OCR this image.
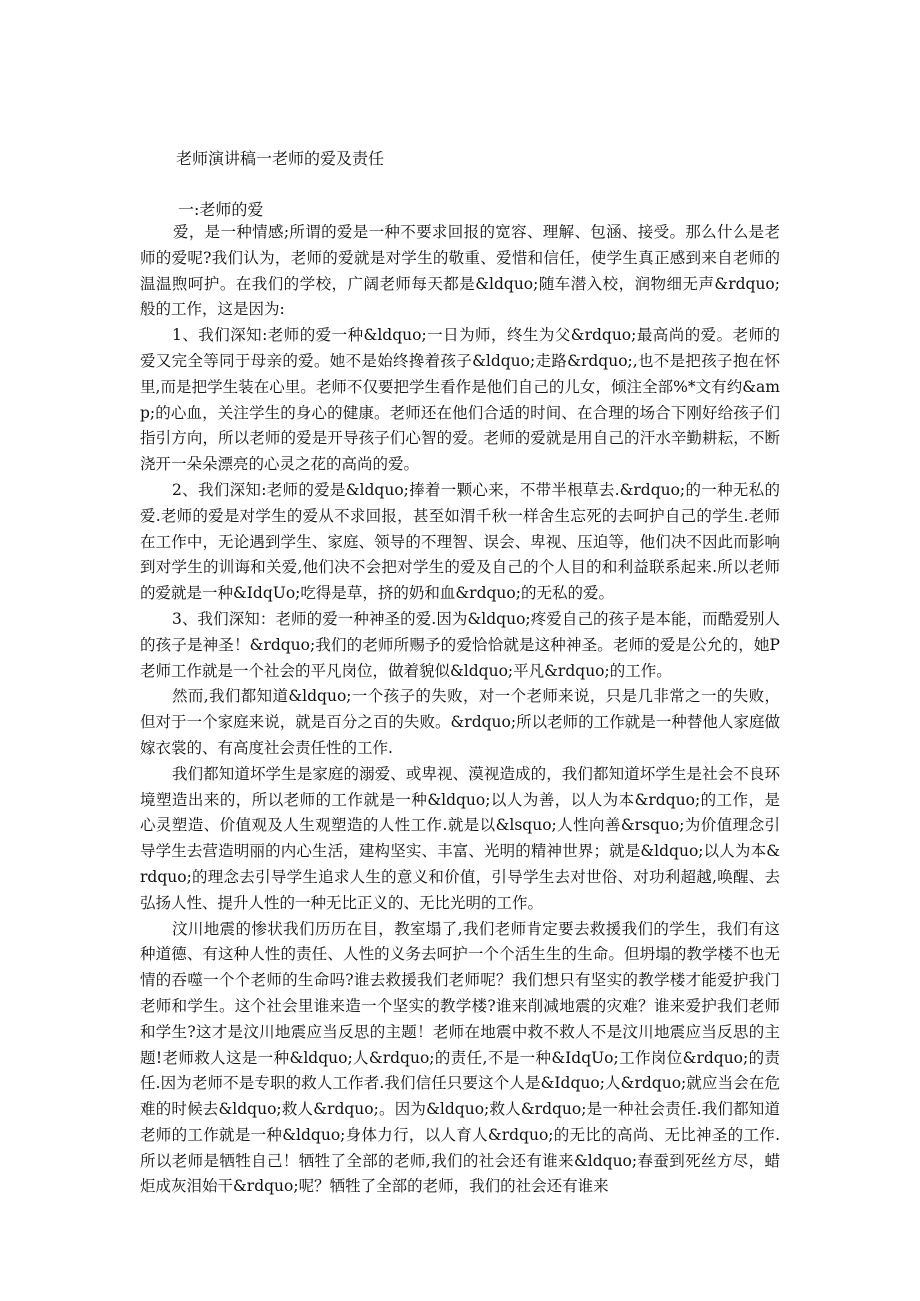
老师演讲稿一老师的爱及责任
一:老师的爱

爱，是一种情感;所谓的爱是一种不要求回报的宽容、理解、包涵、接受。那么什么是老师的爱呢?我们认为，老师的爱就是对学生的敬重、爱惜和信任，使学生真正感到来自老师的温温煦呵护。在我们的学校，广阔老师每天都是&ldquo;随车潜入校，润物细无声&rdquo;般的工作，这是因为:

1、我们深知:老师的爱一种&ldquo;一日为师，终生为父&rdquo;最高尚的爱。老师的爱又完全等同于母亲的爱。她不是始终搀着孩子&ldquo;走路&rdquo;,也不是把孩子抱在怀里,而是把学生装在心里。老师不仅要把学生看作是他们自己的儿女，倾注全部%*文有约&amp;的心血，关注学生的身心的健康。老师还在他们合适的时间、在合理的场合下刚好给孩子们指引方向，所以老师的爱是开导孩子们心智的爱。老师的爱就是用自己的汗水辛勤耕耘，不断浇开一朵朵漂亮的心灵之花的高尚的爱。

2、我们深知:老师的爱是&ldquo;捧着一颗心来，不带半根草去.&rdquo;的一种无私的爱.老师的爱是对学生的爱从不求回报，甚至如渭千秋一样舍生忘死的去呵护自己的学生.老师在工作中，无论遇到学生、家庭、领导的不理智、误会、卑视、压迫等，他们决不因此而影响到对学生的训诲和关爱,他们决不会把对学生的爱及自己的个人目的和利益联系起来.所以老师的爱就是一种&IdqUo;吃得是草，挤的奶和血&rdquo;的无私的爱。

3、我们深知：老师的爱一种神圣的爱.因为&ldquo;疼爱自己的孩子是本能，而酷爱别人的孩子是神圣！&rdquo;我们的老师所赐予的爱恰恰就是这种神圣。老师的爱是公允的，她P老师工作就是一个社会的平凡岗位，做着貌似&ldquo;平凡&rdquo;的工作。

然而,我们都知道&ldquo;一个孩子的失败，对一个老师来说，只是几非常之一的失败，但对于一个家庭来说，就是百分之百的失败。&rdquo;所以老师的工作就是一种替他人家庭做嫁衣裳的、有高度社会责任性的工作.

我们都知道坏学生是家庭的溺爱、或卑视、漠视造成的，我们都知道坏学生是社会不良环境塑造出来的，所以老师的工作就是一种&ldquo;以人为善，以人为本&rdquo;的工作，是心灵塑造、价值观及人生观塑造的人性工作.就是以&lsquo;人性向善&rsquo;为价值理念引导学生去营造明丽的内心生活，建构坚实、丰富、光明的精神世界；就是&ldquo;以人为本&rdquo;的理念去引导学生追求人生的意义和价值，引导学生去对世俗、对功利超越,唤醒、去弘扬人性、提升人性的一种无比正义的、无比光明的工作。

汶川地震的惨状我们历历在目，教室塌了,我们老师肯定要去救援我们的学生，我们有这种道德、有这种人性的责任、人性的义务去呵护一个个活生生的生命。但坍塌的教学楼不也无情的吞噬一个个老师的生命吗?谁去救援我们老师呢？我们想只有坚实的教学楼才能爱护我门老师和学生。这个社会里谁来造一个坚实的教学楼?谁来削减地震的灾难？谁来爱护我们老师和学生?这才是汶川地震应当反思的主题！老师在地震中救不救人不是汶川地震应当反思的主题!老师救人这是一种&ldquo;人&rdquo;的责任,不是一种&IdqUo;工作岗位&rdquo;的责任.因为老师不是专职的救人工作者.我们信任只要这个人是&Idquo;人&rdquo;就应当会在危难的时候去&ldquo;救人&rdquo;。因为&ldquo;救人&rdquo;是一种社会责任.我们都知道老师的工作就是一种&ldquo;身体力行，以人育人&rdquo;的无比的高尚、无比神圣的工作.所以老师是牺牲自己！牺牲了全部的老师,我们的社会还有谁来&ldquo;春蚕到死丝方尽，蜡炬成灰泪始干&rdquo;呢？牺牲了全部的老师，我们的社会还有谁来
